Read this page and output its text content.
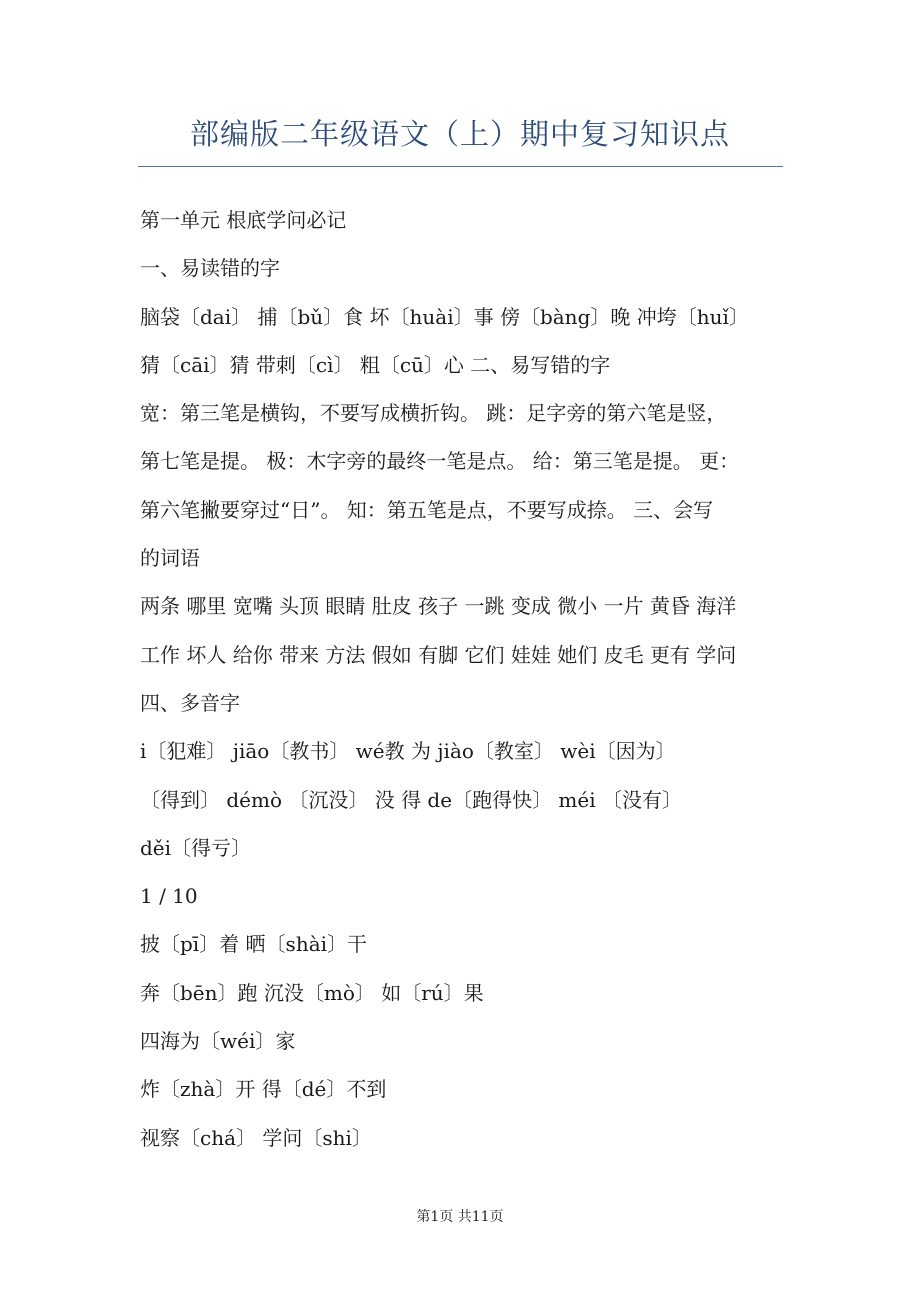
部编版二年级语文（上）期中复习知识点

第一单元 根底学问必记

一、易读错的字

脑袋〔dai〕 捕〔bǔ〕食 坏〔huài〕事 傍〔bàng〕晚 冲垮〔huǐ〕

猜〔cāi〕猜 带刺〔cì〕 粗〔cū〕心 二、易写错的字

宽：第三笔是横钩，不要写成横折钩。 跳：足字旁的第六笔是竖，

第七笔是提。 极：木字旁的最终一笔是点。 给：第三笔是提。 更：

第六笔撇要穿过“日”。 知：第五笔是点，不要写成捺。 三、会写

的词语

两条 哪里 宽嘴 头顶 眼睛 肚皮 孩子 一跳 变成 微小 一片 黄昏 海洋

工作 坏人 给你 带来 方法 假如 有脚 它们 娃娃 她们 皮毛 更有 学问

四、多音字

i〔犯难〕 jiāo〔教书〕 wé教 为 jiào〔教室〕 wèi〔因为〕

〔得到〕 démò 〔沉没〕 没 得 de〔跑得快〕 méi 〔没有〕

děi〔得亏〕

1 / 10

披〔pī〕着 晒〔shài〕干

奔〔bēn〕跑 沉没〔mò〕 如〔rú〕果

四海为〔wéi〕家

炸〔zhà〕开 得〔dé〕不到

视察〔chá〕 学问〔shi〕

第1页 共11页
